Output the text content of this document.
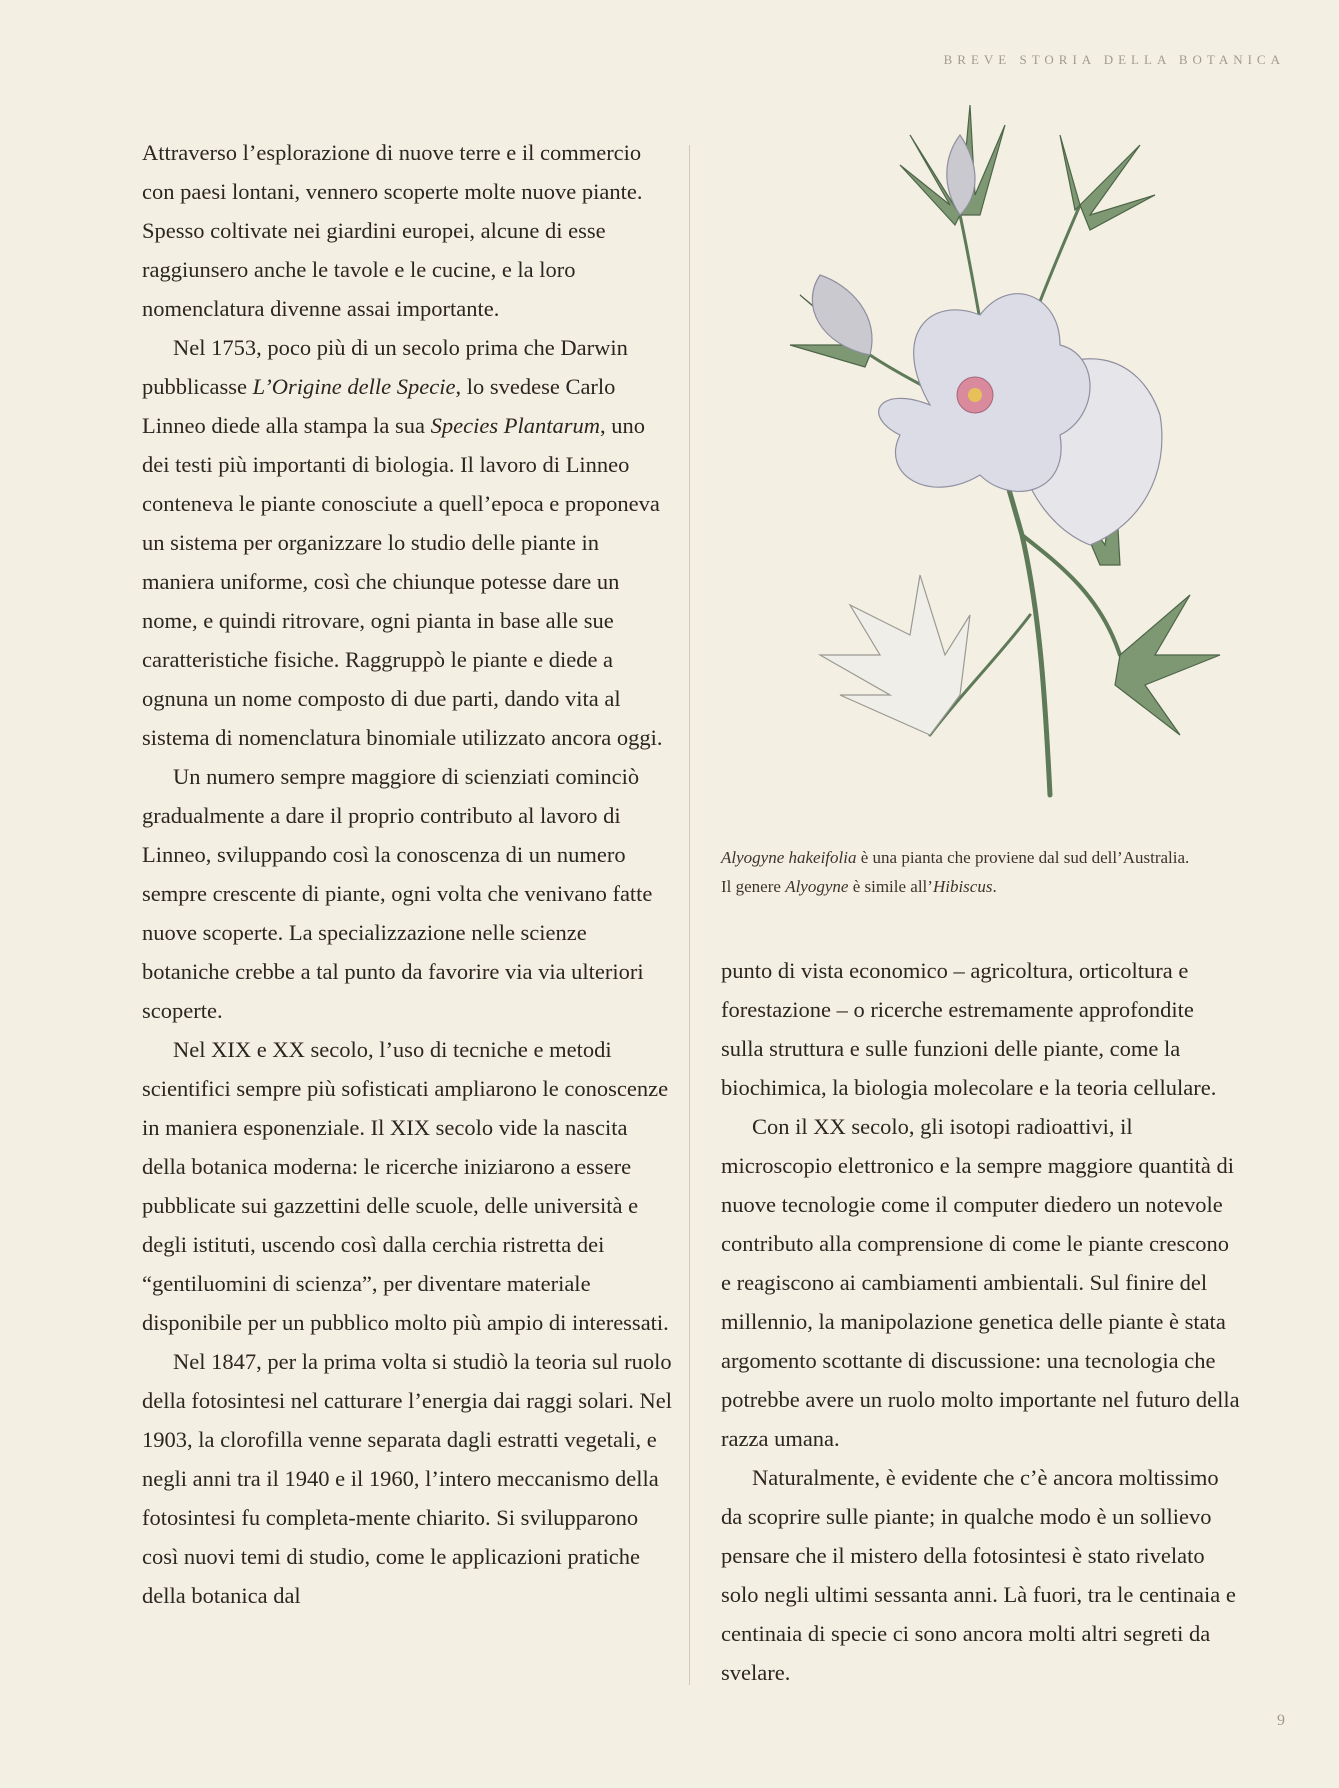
BREVE STORIA DELLA BOTANICA

Attraverso l’esplorazione di nuove terre e il commercio con paesi lontani, vennero scoperte molte nuove piante. Spesso coltivate nei giardini europei, alcune di esse raggiunsero anche le tavole e le cucine, e la loro nomenclatura divenne assai importante.

Nel 1753, poco più di un secolo prima che Darwin pubblicasse L’Origine delle Specie, lo svedese Carlo Linneo diede alla stampa la sua Species Plantarum, uno dei testi più importanti di biologia. Il lavoro di Linneo conteneva le piante conosciute a quell’epoca e proponeva un sistema per organizzare lo studio delle piante in maniera uniforme, così che chiunque potesse dare un nome, e quindi ritrovare, ogni pianta in base alle sue caratteristiche fisiche. Raggruppò le piante e diede a ognuna un nome composto di due parti, dando vita al sistema di nomenclatura binomiale utilizzato ancora oggi.

Un numero sempre maggiore di scienziati cominciò gradualmente a dare il proprio contributo al lavoro di Linneo, sviluppando così la conoscenza di un numero sempre crescente di piante, ogni volta che venivano fatte nuove scoperte. La specializzazione nelle scienze botaniche crebbe a tal punto da favorire via via ulteriori scoperte.

Nel XIX e XX secolo, l’uso di tecniche e metodi scientifici sempre più sofisticati ampliarono le conoscenze in maniera esponenziale. Il XIX secolo vide la nascita della botanica moderna: le ricerche iniziarono a essere pubblicate sui gazzettini delle scuole, delle università e degli istituti, uscendo così dalla cerchia ristretta dei “gentiluomini di scienza”, per diventare materiale disponibile per un pubblico molto più ampio di interessati.

Nel 1847, per la prima volta si studiò la teoria sul ruolo della fotosintesi nel catturare l’energia dai raggi solari. Nel 1903, la clorofilla venne separata dagli estratti vegetali, e negli anni tra il 1940 e il 1960, l’intero meccanismo della fotosintesi fu completa-mente chiarito. Si svilupparono così nuovi temi di studio, come le applicazioni pratiche della botanica dal

Alyogyne hakeifolia è una pianta che proviene dal sud dell’Australia. Il genere Alyogyne è simile all’Hibiscus.

punto di vista economico – agricoltura, orticoltura e forestazione – o ricerche estremamente approfondite sulla struttura e sulle funzioni delle piante, come la biochimica, la biologia molecolare e la teoria cellulare.

Con il XX secolo, gli isotopi radioattivi, il microscopio elettronico e la sempre maggiore quantità di nuove tecnologie come il computer diedero un notevole contributo alla comprensione di come le piante crescono e reagiscono ai cambiamenti ambientali. Sul finire del millennio, la manipolazione genetica delle piante è stata argomento scottante di discussione: una tecnologia che potrebbe avere un ruolo molto importante nel futuro della razza umana.

Naturalmente, è evidente che c’è ancora moltissimo da scoprire sulle piante; in qualche modo è un sollievo pensare che il mistero della fotosintesi è stato rivelato solo negli ultimi sessanta anni. Là fuori, tra le centinaia e centinaia di specie ci sono ancora molti altri segreti da svelare.

9
